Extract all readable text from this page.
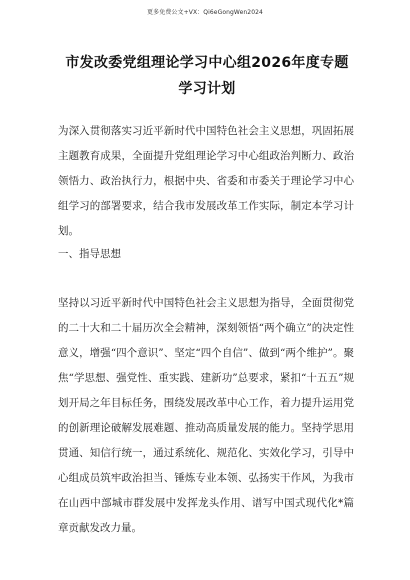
更多免费公文+VX：Qi6eGongWen2024
市发改委党组理论学习中心组2026年度专题学习计划

为深入贯彻落实习近平新时代中国特色社会主义思想，巩固拓展主题教育成果，全面提升党组理论学习中心组政治判断力、政治领悟力、政治执行力，根据中央、省委和市委关于理论学习中心组学习的部署要求，结合我市发展改革工作实际，制定本学习计划。

一、指导思想

坚持以习近平新时代中国特色社会主义思想为指导，全面贯彻党的二十大和二十届历次全会精神，深刻领悟“两个确立”的决定性意义，增强“四个意识”、坚定“四个自信”、做到“两个维护”。聚焦“学思想、强党性、重实践、建新功”总要求，紧扣“十五五”规划开局之年目标任务，围绕发展改革中心工作，着力提升运用党的创新理论破解发展难题、推动高质量发展的能力。坚持学思用贯通、知信行统一，通过系统化、规范化、实效化学习，引导中心组成员筑牢政治担当、锤炼专业本领、弘扬实干作风，为我市在山西中部城市群发展中发挥龙头作用、谱写中国式现代化*篇章贡献发改力量。
